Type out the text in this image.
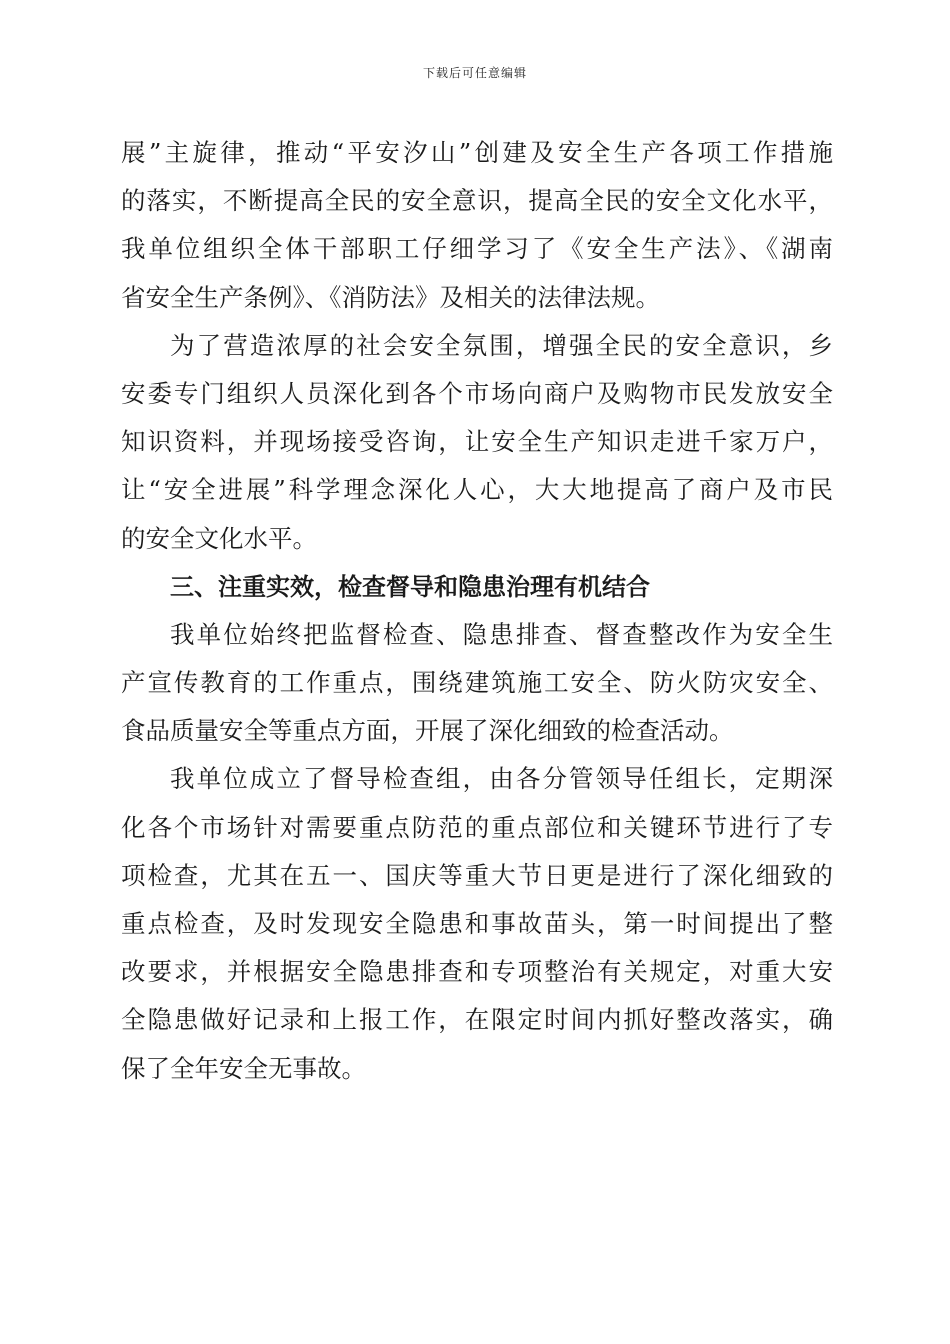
下载后可任意编辑
展”主旋律，推动“平安汐山”创建及安全生产各项工作措施
的落实，不断提高全民的安全意识，提高全民的安全文化水平，
我单位组织全体干部职工仔细学习了《安全生产法》、《湖南
省安全生产条例》、《消防法》及相关的法律法规。
为了营造浓厚的社会安全氛围，增强全民的安全意识，乡
安委专门组织人员深化到各个市场向商户及购物市民发放安全
知识资料，并现场接受咨询，让安全生产知识走进千家万户，
让“安全进展”科学理念深化人心，大大地提高了商户及市民
的安全文化水平。
三、注重实效，检查督导和隐患治理有机结合
我单位始终把监督检查、隐患排查、督查整改作为安全生
产宣传教育的工作重点，围绕建筑施工安全、防火防灾安全、
食品质量安全等重点方面，开展了深化细致的检查活动。
我单位成立了督导检查组，由各分管领导任组长，定期深
化各个市场针对需要重点防范的重点部位和关键环节进行了专
项检查，尤其在五一、国庆等重大节日更是进行了深化细致的
重点检查，及时发现安全隐患和事故苗头，第一时间提出了整
改要求，并根据安全隐患排查和专项整治有关规定，对重大安
全隐患做好记录和上报工作，在限定时间内抓好整改落实，确
保了全年安全无事故。
